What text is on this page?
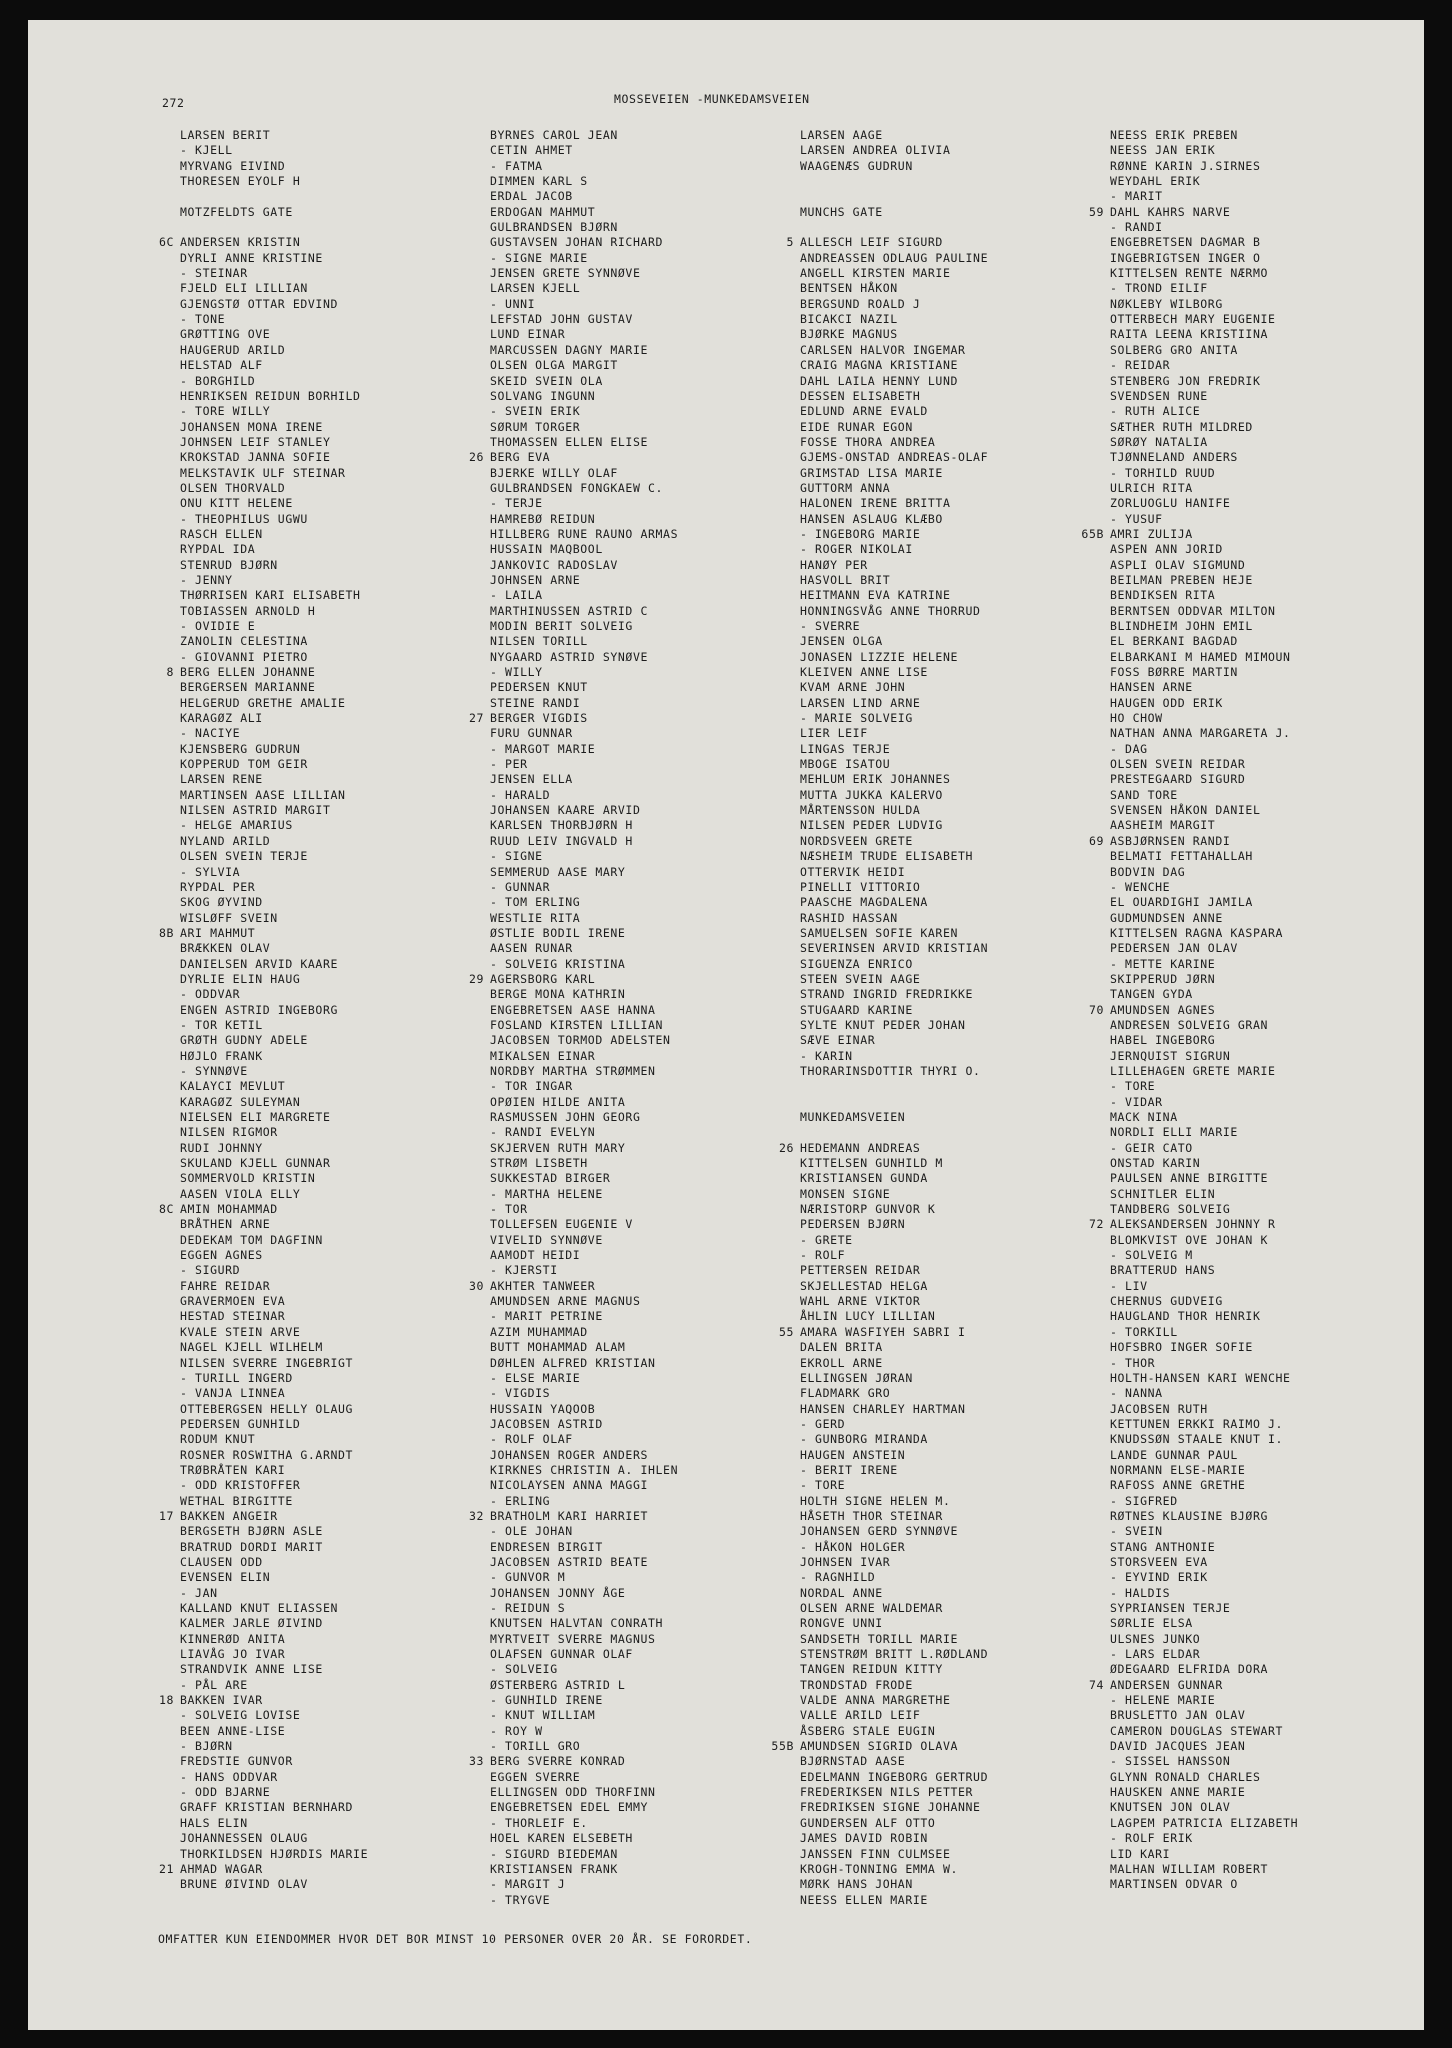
272	MOSSEVEIEN -MUNKEDAMSVEIEN
LARSEN BERIT
- KJELL
MYRVANG EIVIND
THORESEN EYOLF H
MOTZFELDTS GATE
6C ANDERSEN KRISTIN
DYRLI ANNE KRISTINE
- STEINAR
FJELD ELI LILLIAN
GJENGSTØ OTTAR EDVIND
- TONE
GRØTTING OVE
HAUGERUD ARILD
HELSTAD ALF
- BORGHILD
HENRIKSEN REIDUN BORHILD
- TORE WILLY
JOHANSEN MONA IRENE
JOHNSEN LEIF STANLEY
KROKSTAD JANNA SOFIE
MELKSTAVIK ULF STEINAR
OLSEN THORVALD
ONU KITT HELENE
- THEOPHILUS UGWU
RASCH ELLEN
RYPDAL IDA
STENRUD BJØRN
- JENNY
THØRRISEN KARI ELISABETH
TOBIASSEN ARNOLD H
- OVIDIE E
ZANOLIN CELESTINA
- GIOVANNI PIETRO
8 BERG ELLEN JOHANNE
BERGERSEN MARIANNE
HELGERUD GRETHE AMALIE
KARAGØZ ALI
- NACIYE
KJENSBERG GUDRUN
KOPPERUD TOM GEIR
LARSEN RENE
MARTINSEN AASE LILLIAN
NILSEN ASTRID MARGIT
- HELGE AMARIUS
NYLAND ARILD
OLSEN SVEIN TERJE
- SYLVIA
RYPDAL PER
SKOG ØYVIND
WISLØFF SVEIN
8B ARI MAHMUT
BRÆKKEN OLAV
DANIELSEN ARVID KAARE
DYRLIE ELIN HAUG
- ODDVAR
ENGEN ASTRID INGEBORG
- TOR KETIL
GRØTH GUDNY ADELE
HØJLO FRANK
- SYNNØVE
KALAYCI MEVLUT
KARAGØZ SULEYMAN
NIELSEN ELI MARGRETE
NILSEN RIGMOR
RUDI JOHNNY
SKULAND KJELL GUNNAR
SOMMERVOLD KRISTIN
AASEN VIOLA ELLY
8C AMIN MOHAMMAD
BRÅTHEN ARNE
DEDEKAM TOM DAGFINN
EGGEN AGNES
- SIGURD
FAHRE REIDAR
GRAVERMOEN EVA
HESTAD STEINAR
KVALE STEIN ARVE
NAGEL KJELL WILHELM
NILSEN SVERRE INGEBRIGT
- TURILL INGERD
- VANJA LINNEA
OTTEBERGSEN HELLY OLAUG
PEDERSEN GUNHILD
RODUM KNUT
ROSNER ROSWITHA G.ARNDT
TRØBRÅTEN KARI
- ODD KRISTOFFER
WETHAL BIRGITTE
17 BAKKEN ANGEIR
BERGSETH BJØRN ASLE
BRATRUD DORDI MARIT
CLAUSEN ODD
EVENSEN ELIN
- JAN
KALLAND KNUT ELIASSEN
KALMER JARLE ØIVIND
KINNERØD ANITA
LIAVÅG JO IVAR
STRANDVIK ANNE LISE
- PÅL ARE
18 BAKKEN IVAR
- SOLVEIG LOVISE
BEEN ANNE-LISE
- BJØRN
FREDSTIE GUNVOR
- HANS ODDVAR
- ODD BJARNE
GRAFF KRISTIAN BERNHARD
HALS ELIN
JOHANNESSEN OLAUG
THORKILDSEN HJØRDIS MARIE
21 AHMAD WAGAR
BRUNE ØIVIND OLAV
BYRNES CAROL JEAN
CETIN AHMET
- FATMA
DIMMEN KARL S
ERDAL JACOB
ERDOGAN MAHMUT
GULBRANDSEN BJØRN
GUSTAVSEN JOHAN RICHARD
- SIGNE MARIE
JENSEN GRETE SYNNØVE
LARSEN KJELL
- UNNI
LEFSTAD JOHN GUSTAV
LUND EINAR
MARCUSSEN DAGNY MARIE
OLSEN OLGA MARGIT
SKEID SVEIN OLA
SOLVANG INGUNN
- SVEIN ERIK
SØRUM TORGER
THOMASSEN ELLEN ELISE
26 BERG EVA
BJERKE WILLY OLAF
GULBRANDSEN FONGKAEW C.
- TERJE
HAMREBØ REIDUN
HILLBERG RUNE RAUNO ARMAS
HUSSAIN MAQBOOL
JANKOVIC RADOSLAV
JOHNSEN ARNE
- LAILA
MARTHINUSSEN ASTRID C
MODIN BERIT SOLVEIG
NILSEN TORILL
NYGAARD ASTRID SYNØVE
- WILLY
PEDERSEN KNUT
STEINE RANDI
27 BERGER VIGDIS
FURU GUNNAR
- MARGOT MARIE
- PER
JENSEN ELLA
- HARALD
JOHANSEN KAARE ARVID
KARLSEN THORBJØRN H
RUUD LEIV INGVALD H
- SIGNE
SEMMERUD AASE MARY
- GUNNAR
- TOM ERLING
WESTLIE RITA
ØSTLIE BODIL IRENE
AASEN RUNAR
- SOLVEIG KRISTINA
29 AGERSBORG KARL
BERGE MONA KATHRIN
ENGEBRETSEN AASE HANNA
FOSLAND KIRSTEN LILLIAN
JACOBSEN TORMOD ADELSTEN
MIKALSEN EINAR
NORDBY MARTHA STRØMMEN
- TOR INGAR
OPØIEN HILDE ANITA
RASMUSSEN JOHN GEORG
- RANDI EVELYN
SKJERVEN RUTH MARY
STRØM LISBETH
SUKKESTAD BIRGER
- MARTHA HELENE
- TOR
TOLLEFSEN EUGENIE V
VIVELID SYNNØVE
AAMODT HEIDI
- KJERSTI
30 AKHTER TANWEER
AMUNDSEN ARNE MAGNUS
- MARIT PETRINE
AZIM MUHAMMAD
BUTT MOHAMMAD ALAM
DØHLEN ALFRED KRISTIAN
- ELSE MARIE
- VIGDIS
HUSSAIN YAQOOB
JACOBSEN ASTRID
- ROLF OLAF
JOHANSEN ROGER ANDERS
KIRKNES CHRISTIN A. IHLEN
NICOLAYSEN ANNA MAGGI
- ERLING
32 BRATHOLM KARI HARRIET
- OLE JOHAN
ENDRESEN BIRGIT
JACOBSEN ASTRID BEATE
- GUNVOR M
JOHANSEN JONNY ÅGE
- REIDUN S
KNUTSEN HALVTAN CONRATH
MYRTVEIT SVERRE MAGNUS
OLAFSEN GUNNAR OLAF
- SOLVEIG
ØSTERBERG ASTRID L
- GUNHILD IRENE
- KNUT WILLIAM
- ROY W
- TORILL GRO
33 BERG SVERRE KONRAD
EGGEN SVERRE
ELLINGSEN ODD THORFINN
ENGEBRETSEN EDEL EMMY
- THORLEIF E.
HOEL KAREN ELSEBETH
- SIGURD BIEDEMAN
KRISTIANSEN FRANK
- MARGIT J
- TRYGVE
LARSEN AAGE
LARSEN ANDREA OLIVIA
WAAGENÆS GUDRUN
MUNCHS GATE
5 ALLESCH LEIF SIGURD
ANDREASSEN ODLAUG PAULINE
ANGELL KIRSTEN MARIE
BENTSEN HÅKON
BERGSUND ROALD J
BICAKCI NAZIL
BJØRKE MAGNUS
CARLSEN HALVOR INGEMAR
CRAIG MAGNA KRISTIANE
DAHL LAILA HENNY LUND
DESSEN ELISABETH
EDLUND ARNE EVALD
EIDE RUNAR EGON
FOSSE THORA ANDREA
GJEMS-ONSTAD ANDREAS-OLAF
GRIMSTAD LISA MARIE
GUTTORM ANNA
HALONEN IRENE BRITTA
HANSEN ASLAUG KLÆBO
- INGEBORG MARIE
- ROGER NIKOLAI
HANØY PER
HASVOLL BRIT
HEITMANN EVA KATRINE
HONNINGSVÅG ANNE THORRUD
- SVERRE
JENSEN OLGA
JONASEN LIZZIE HELENE
KLEIVEN ANNE LISE
KVAM ARNE JOHN
LARSEN LIND ARNE
- MARIE SOLVEIG
LIER LEIF
LINGAS TERJE
MBOGE ISATOU
MEHLUM ERIK JOHANNES
MUTTA JUKKA KALERVO
MÅRTENSSON HULDA
NILSEN PEDER LUDVIG
NORDSVEEN GRETE
NÆSHEIM TRUDE ELISABETH
OTTERVIK HEIDI
PINELLI VITTORIO
PAASCHE MAGDALENA
RASHID HASSAN
SAMUELSEN SOFIE KAREN
SEVERINSEN ARVID KRISTIAN
SIGUENZA ENRICO
STEEN SVEIN AAGE
STRAND INGRID FREDRIKKE
STUGAARD KARINE
SYLTE KNUT PEDER JOHAN
SÆVE EINAR
- KARIN
THORARINSDOTTIR THYRI O.
MUNKEDAMSVEIEN
26 HEDEMANN ANDREAS
KITTELSEN GUNHILD M
KRISTIANSEN GUNDA
MONSEN SIGNE
NÆRISTORP GUNVOR K
PEDERSEN BJØRN
- GRETE
- ROLF
PETTERSEN REIDAR
SKJELLESTAD HELGA
WAHL ARNE VIKTOR
ÅHLIN LUCY LILLIAN
55 AMARA WASFIYEH SABRI I
DALEN BRITA
EKROLL ARNE
ELLINGSEN JØRAN
FLADMARK GRO
HANSEN CHARLEY HARTMAN
- GERD
- GUNBORG MIRANDA
HAUGEN ANSTEIN
- BERIT IRENE
- TORE
HOLTH SIGNE HELEN M.
HÅSETH THOR STEINAR
JOHANSEN GERD SYNNØVE
- HÅKON HOLGER
JOHNSEN IVAR
- RAGNHILD
NORDAL ANNE
OLSEN ARNE WALDEMAR
RONGVE UNNI
SANDSETH TORILL MARIE
STENSTRØM BRITT L.RØDLAND
TANGEN REIDUN KITTY
TRONDSTAD FRODE
VALDE ANNA MARGRETHE
VALLE ARILD LEIF
ÅSBERG STALE EUGIN
55B AMUNDSEN SIGRID OLAVA
BJØRNSTAD AASE
EDELMANN INGEBORG GERTRUD
FREDERIKSEN NILS PETTER
FREDRIKSEN SIGNE JOHANNE
GUNDERSEN ALF OTTO
JAMES DAVID ROBIN
JANSSEN FINN CULMSEE
KROGH-TONNING EMMA W.
MØRK HANS JOHAN
NEESS ELLEN MARIE
NEESS ERIK PREBEN
NEESS JAN ERIK
RØNNE KARIN J.SIRNES
WEYDAHL ERIK
- MARIT
59 DAHL KAHRS NARVE
- RANDI
ENGEBRETSEN DAGMAR B
INGEBRIGTSEN INGER O
KITTELSEN RENTE NÆRMO
- TROND EILIF
NØKLEBY WILBORG
OTTERBECH MARY EUGENIE
RAITA LEENA KRISTIINA
SOLBERG GRO ANITA
- REIDAR
STENBERG JON FREDRIK
SVENDSEN RUNE
- RUTH ALICE
SÆTHER RUTH MILDRED
SØRØY NATALIA
TJØNNELAND ANDERS
- TORHILD RUUD
ULRICH RITA
ZORLUOGLU HANIFE
- YUSUF
65B AMRI ZULIJA
ASPEN ANN JORID
ASPLI OLAV SIGMUND
BEILMAN PREBEN HEJE
BENDIKSEN RITA
BERNTSEN ODDVAR MILTON
BLINDHEIM JOHN EMIL
EL BERKANI BAGDAD
ELBARKANI M HAMED MIMOUN
FOSS BØRRE MARTIN
HANSEN ARNE
HAUGEN ODD ERIK
HO CHOW
NATHAN ANNA MARGARETA J.
- DAG
OLSEN SVEIN REIDAR
PRESTEGAARD SIGURD
SAND TORE
SVENSEN HÅKON DANIEL
AASHEIM MARGIT
69 ASBJØRNSEN RANDI
BELMATI FETTAHALLAH
BODVIN DAG
- WENCHE
EL OUARDIGHI JAMILA
GUDMUNDSEN ANNE
KITTELSEN RAGNA KASPARA
PEDERSEN JAN OLAV
- METTE KARINE
SKIPPERUD JØRN
TANGEN GYDA
70 AMUNDSEN AGNES
ANDRESEN SOLVEIG GRAN
HABEL INGEBORG
JERNQUIST SIGRUN
LILLEHAGEN GRETE MARIE
- TORE
- VIDAR
MACK NINA
NORDLI ELLI MARIE
- GEIR CATO
ONSTAD KARIN
PAULSEN ANNE BIRGITTE
SCHNITLER ELIN
TANDBERG SOLVEIG
72 ALEKSANDERSEN JOHNNY R
BLOMKVIST OVE JOHAN K
- SOLVEIG M
BRATTERUD HANS
- LIV
CHERNUS GUDVEIG
HAUGLAND THOR HENRIK
- TORKILL
HOFSBRO INGER SOFIE
- THOR
HOLTH-HANSEN KARI WENCHE
- NANNA
JACOBSEN RUTH
KETTUNEN ERKKI RAIMO J.
KNUDSSØN STAALE KNUT I.
LANDE GUNNAR PAUL
NORMANN ELSE-MARIE
RAFOSS ANNE GRETHE
- SIGFRED
RØTNES KLAUSINE BJØRG
- SVEIN
STANG ANTHONIE
STORSVEEN EVA
- EYVIND ERIK
- HALDIS
SYPRIANSEN TERJE
SØRLIE ELSA
ULSNES JUNKO
- LARS ELDAR
ØDEGAARD ELFRIDA DORA
74 ANDERSEN GUNNAR
- HELENE MARIE
BRUSLETTO JAN OLAV
CAMERON DOUGLAS STEWART
DAVID JACQUES JEAN
- SISSEL HANSSON
GLYNN RONALD CHARLES
HAUSKEN ANNE MARIE
KNUTSEN JON OLAV
LAGPEM PATRICIA ELIZABETH
- ROLF ERIK
LID KARI
MALHAN WILLIAM ROBERT
MARTINSEN ODVAR O
OMFATTER KUN EIENDOMMER HVOR DET BOR MINST 10 PERSONER OVER 20 ÅR. SE FORORDET.
